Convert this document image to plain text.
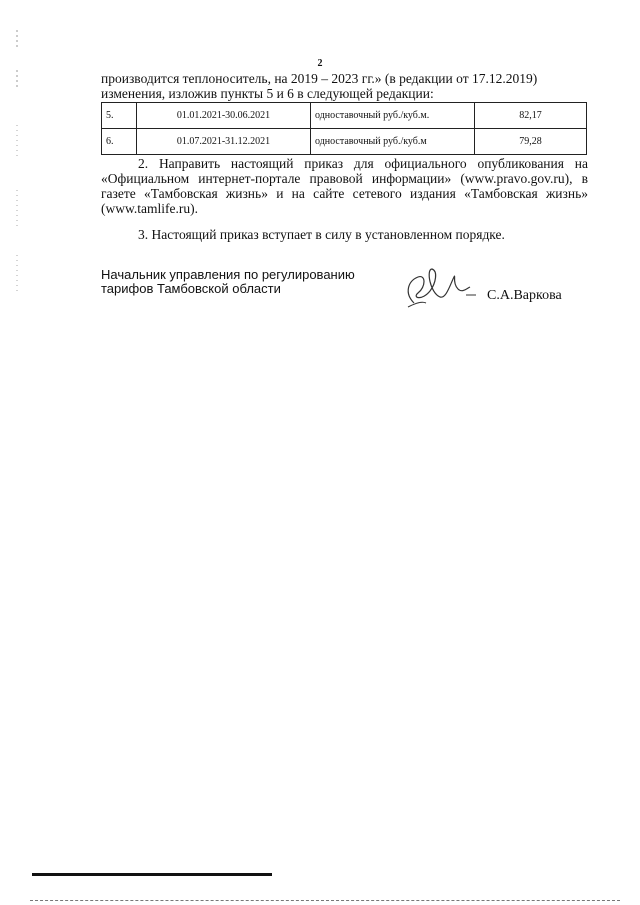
2
производится теплоноситель, на 2019 – 2023 гг.» (в редакции от 17.12.2019)
изменения, изложив пункты 5 и 6 в следующей редакции:
5.	01.01.2021-30.06.2021	одноставочный руб./куб.м.	82,17
6.	01.07.2021-31.12.2021	одноставочный руб./куб.м	79,28
2. Направить настоящий приказ для официального опубликования на «Официальном интернет-портале правовой информации» (www.pravo.gov.ru), в газете «Тамбовская жизнь» и на сайте сетевого издания «Тамбовская жизнь» (www.tamlife.ru).
3. Настоящий приказ вступает в силу в установленном порядке.
Начальник управления по регулированию
тарифов Тамбовской области	С.А.Варкова
